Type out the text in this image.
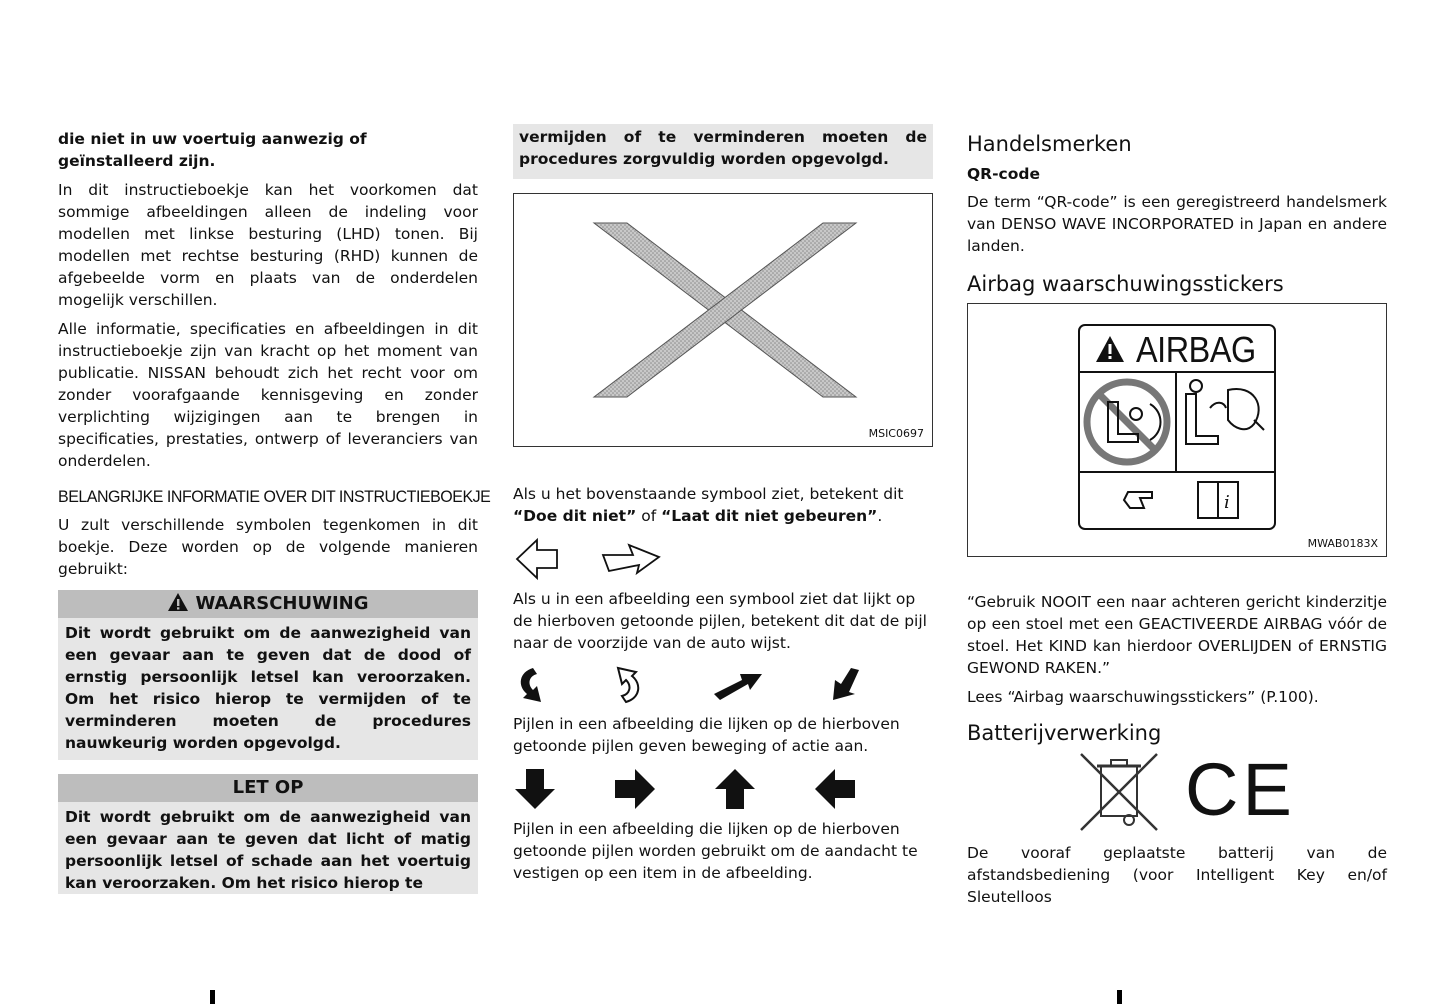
die niet in uw voertuig aanwezig of geïnstalleerd zijn.

In dit instructieboekje kan het voorkomen dat sommige afbeeldingen alleen de indeling voor modellen met linkse besturing (LHD) tonen. Bij modellen met rechtse besturing (RHD) kunnen de afgebeelde vorm en plaats van de onderdelen mogelijk verschillen.

Alle informatie, specificaties en afbeeldingen in dit instructieboekje zijn van kracht op het moment van publicatie. NISSAN behoudt zich het recht voor om zonder voorafgaande kennisgeving en zonder verplichting wijzigingen aan te brengen in specificaties, prestaties, ontwerp of leveranciers van onderdelen.

BELANGRIJKE INFORMATIE OVER DIT INSTRUCTIEBOEKJE

U zult verschillende symbolen tegenkomen in dit boekje. Deze worden op de volgende manieren gebruikt:

WAARSCHUWING
Dit wordt gebruikt om de aanwezigheid van een gevaar aan te geven dat de dood of ernstig persoonlijk letsel kan veroorzaken. Om het risico hierop te vermijden of te verminderen moeten de procedures nauwkeurig worden opgevolgd.
LET OP
Dit wordt gebruikt om de aanwezigheid van een gevaar aan te geven dat licht of matig persoonlijk letsel of schade aan het voertuig kan veroorzaken. Om het risico hierop te
vermijden of te verminderen moeten de procedures zorgvuldig worden opgevolgd.
MSIC0697

Als u het bovenstaande symbool ziet, betekent dit
“Doe dit niet” of “Laat dit niet gebeuren”.

Als u in een afbeelding een symbool ziet dat lijkt op de hierboven getoonde pijlen, betekent dit dat de pijl naar de voorzijde van de auto wijst.

Pijlen in een afbeelding die lijken op de hierboven getoonde pijlen geven beweging of actie aan.

Pijlen in een afbeelding die lijken op de hierboven getoonde pijlen worden gebruikt om de aandacht te vestigen op een item in de afbeelding.

Handelsmerken
QR-code

De term “QR-code” is een geregistreerd handelsmerk van DENSO WAVE INCORPORATED in Japan en andere landen.

Airbag waarschuwingsstickers
i
AIRBAG
MWAB0183X

“Gebruik NOOIT een naar achteren gericht kinderzitje op een stoel met een GEACTIVEERDE AIRBAG vóór de stoel. Het KIND kan hierdoor OVERLIJDEN of ERNSTIG GEWOND RAKEN.”

Lees “Airbag waarschuwingsstickers” (P.100).

Batterijverwerking
CE

De vooraf geplaatste batterij van de afstandsbediening (voor Intelligent Key en/of Sleutelloos
